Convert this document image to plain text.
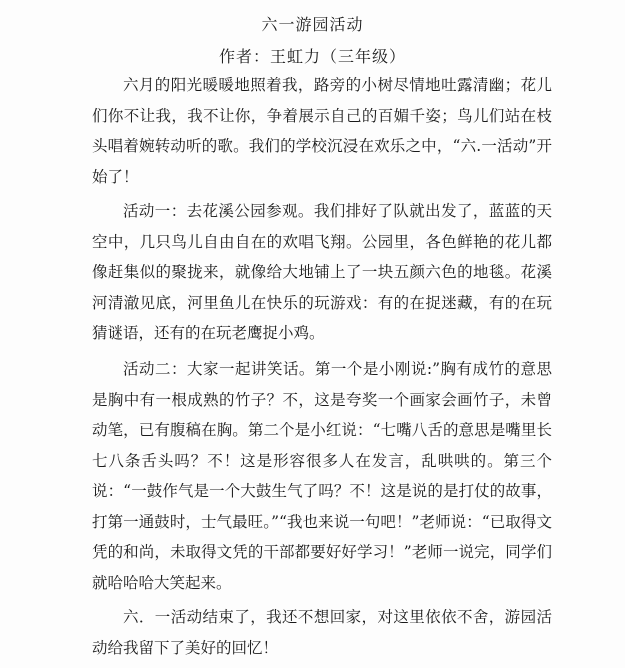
六一游园活动
作者：王虹力（三年级）

六月的阳光暖暖地照着我，路旁的小树尽情地吐露清幽；花儿们你不让我，我不让你，争着展示自己的百媚千姿；鸟儿们站在枝头唱着婉转动听的歌。我们的学校沉浸在欢乐之中，“六.一活动”开始了！

活动一：去花溪公园参观。我们排好了队就出发了，蓝蓝的天空中，几只鸟儿自由自在的欢唱飞翔。公园里，各色鲜艳的花儿都像赶集似的聚拢来，就像给大地铺上了一块五颜六色的地毯。花溪河清澈见底，河里鱼儿在快乐的玩游戏：有的在捉迷藏，有的在玩猜谜语，还有的在玩老鹰捉小鸡。

活动二：大家一起讲笑话。第一个是小刚说:”胸有成竹的意思是胸中有一根成熟的竹子？不，这是夸奖一个画家会画竹子，未曾动笔，已有腹稿在胸。第二个是小红说：“七嘴八舌的意思是嘴里长七八条舌头吗？不！这是形容很多人在发言，乱哄哄的。第三个说：“一鼓作气是一个大鼓生气了吗？不！这是说的是打仗的故事，打第一通鼓时，士气最旺。”“我也来说一句吧！”老师说：“已取得文凭的和尚，未取得文凭的干部都要好好学习！”老师一说完，同学们就哈哈哈大笑起来。

六．一活动结束了，我还不想回家，对这里依依不舍，游园活动给我留下了美好的回忆！
